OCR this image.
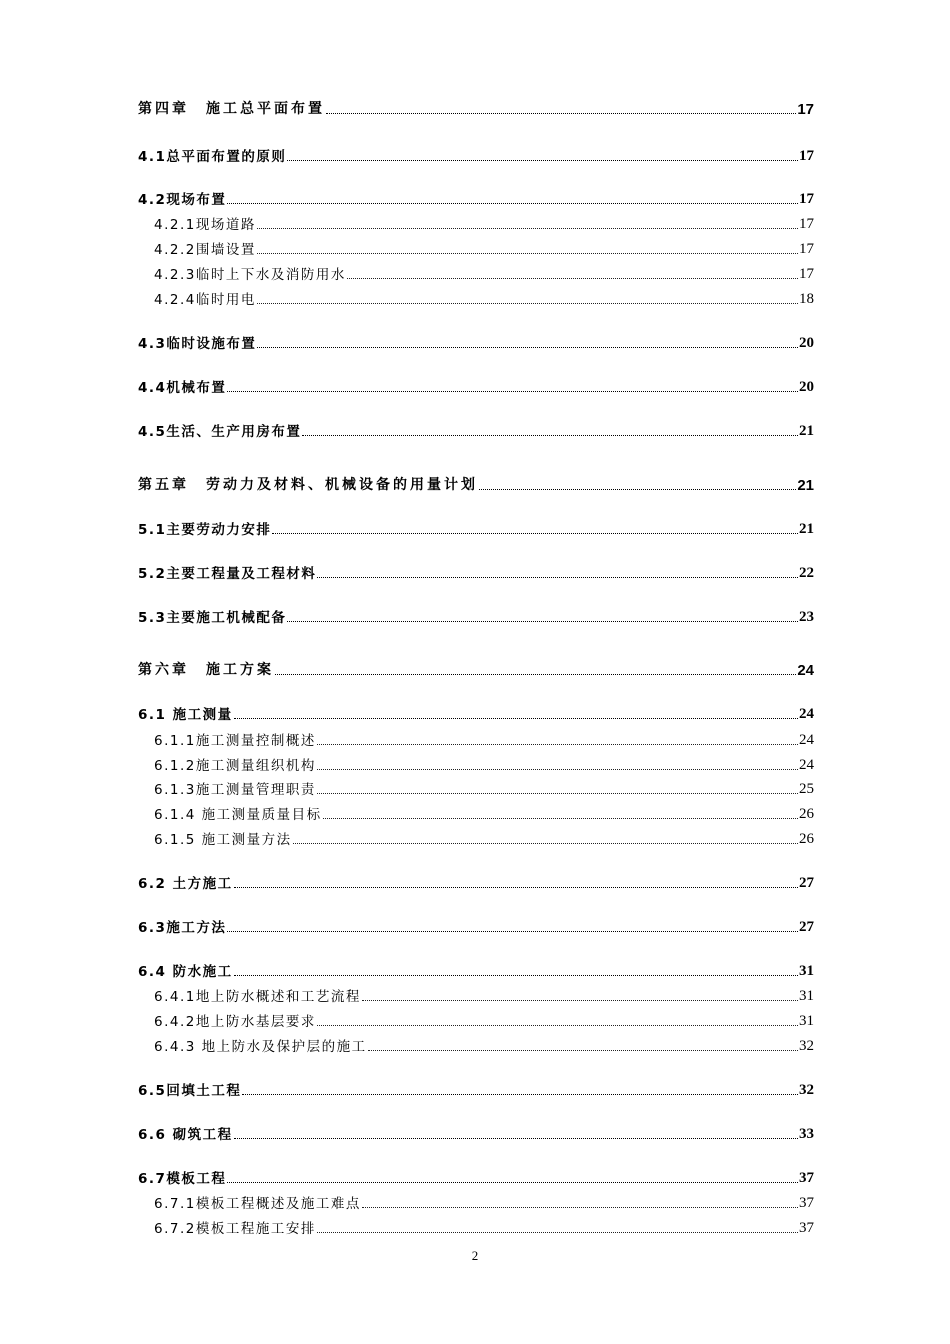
第四章　施工总平面布置	17
4.1总平面布置的原则	17
4.2现场布置	17
4.2.1现场道路	17
4.2.2围墙设置	17
4.2.3临时上下水及消防用水	17
4.2.4临时用电	18
4.3临时设施布置	20
4.4机械布置	20
4.5生活、生产用房布置	21
第五章　劳动力及材料、机械设备的用量计划	21
5.1主要劳动力安排	21
5.2主要工程量及工程材料	22
5.3主要施工机械配备	23
第六章　施工方案	24
6.1 施工测量	24
6.1.1施工测量控制概述	24
6.1.2施工测量组织机构	24
6.1.3施工测量管理职责	25
6.1.4 施工测量质量目标	26
6.1.5 施工测量方法	26
6.2 土方施工	27
6.3施工方法	27
6.4 防水施工	31
6.4.1地上防水概述和工艺流程	31
6.4.2地上防水基层要求	31
6.4.3 地上防水及保护层的施工	32
6.5回填土工程	32
6.6 砌筑工程	33
6.7模板工程	37
6.7.1模板工程概述及施工难点	37
6.7.2模板工程施工安排	37
2
